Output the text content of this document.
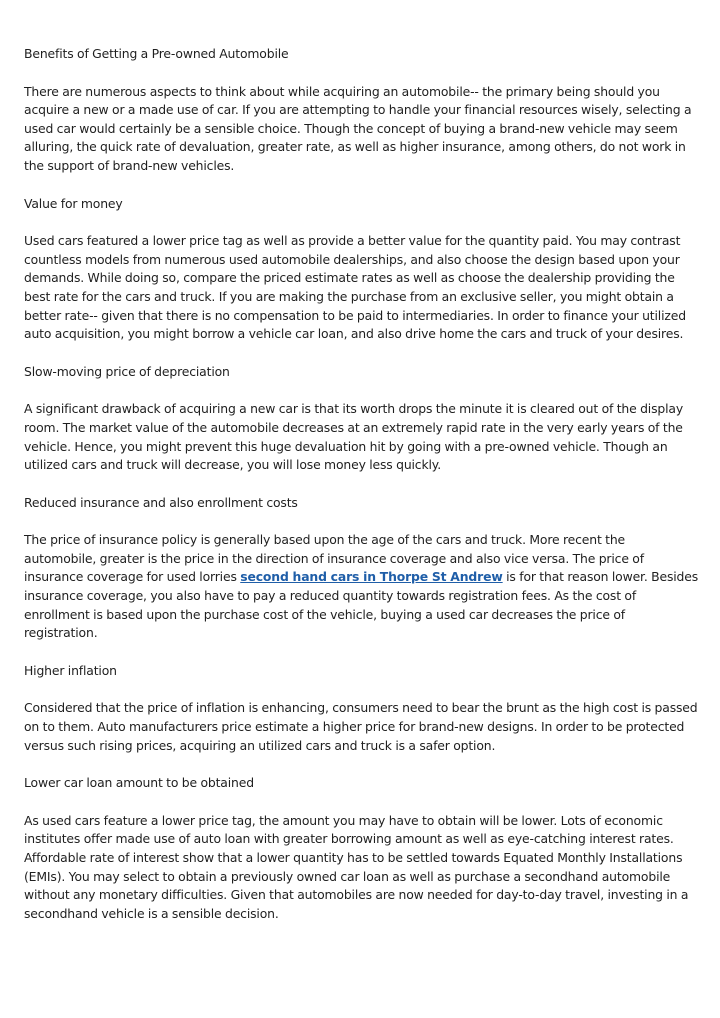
Benefits of Getting a Pre-owned Automobile

There are numerous aspects to think about while acquiring an automobile-- the primary being should you acquire a new or a made use of car. If you are attempting to handle your financial resources wisely, selecting a used car would certainly be a sensible choice. Though the concept of buying a brand-new vehicle may seem alluring, the quick rate of devaluation, greater rate, as well as higher insurance, among others, do not work in the support of brand-new vehicles.

Value for money

Used cars featured a lower price tag as well as provide a better value for the quantity paid. You may contrast countless models from numerous used automobile dealerships, and also choose the design based upon your demands. While doing so, compare the priced estimate rates as well as choose the dealership providing the best rate for the cars and truck. If you are making the purchase from an exclusive seller, you might obtain a better rate-- given that there is no compensation to be paid to intermediaries. In order to finance your utilized auto acquisition, you might borrow a vehicle car loan, and also drive home the cars and truck of your desires.

Slow-moving price of depreciation

A significant drawback of acquiring a new car is that its worth drops the minute it is cleared out of the display room. The market value of the automobile decreases at an extremely rapid rate in the very early years of the vehicle. Hence, you might prevent this huge devaluation hit by going with a pre-owned vehicle. Though an utilized cars and truck will decrease, you will lose money less quickly.

Reduced insurance and also enrollment costs

The price of insurance policy is generally based upon the age of the cars and truck. More recent the automobile, greater is the price in the direction of insurance coverage and also vice versa. The price of insurance coverage for used lorries second hand cars in Thorpe St Andrew is for that reason lower. Besides insurance coverage, you also have to pay a reduced quantity towards registration fees. As the cost of enrollment is based upon the purchase cost of the vehicle, buying a used car decreases the price of registration.

Higher inflation

Considered that the price of inflation is enhancing, consumers need to bear the brunt as the high cost is passed on to them. Auto manufacturers price estimate a higher price for brand-new designs. In order to be protected versus such rising prices, acquiring an utilized cars and truck is a safer option.

Lower car loan amount to be obtained

As used cars feature a lower price tag, the amount you may have to obtain will be lower. Lots of economic institutes offer made use of auto loan with greater borrowing amount as well as eye-catching interest rates. Affordable rate of interest show that a lower quantity has to be settled towards Equated Monthly Installations (EMIs). You may select to obtain a previously owned car loan as well as purchase a secondhand automobile without any monetary difficulties. Given that automobiles are now needed for day-to-day travel, investing in a secondhand vehicle is a sensible decision.
